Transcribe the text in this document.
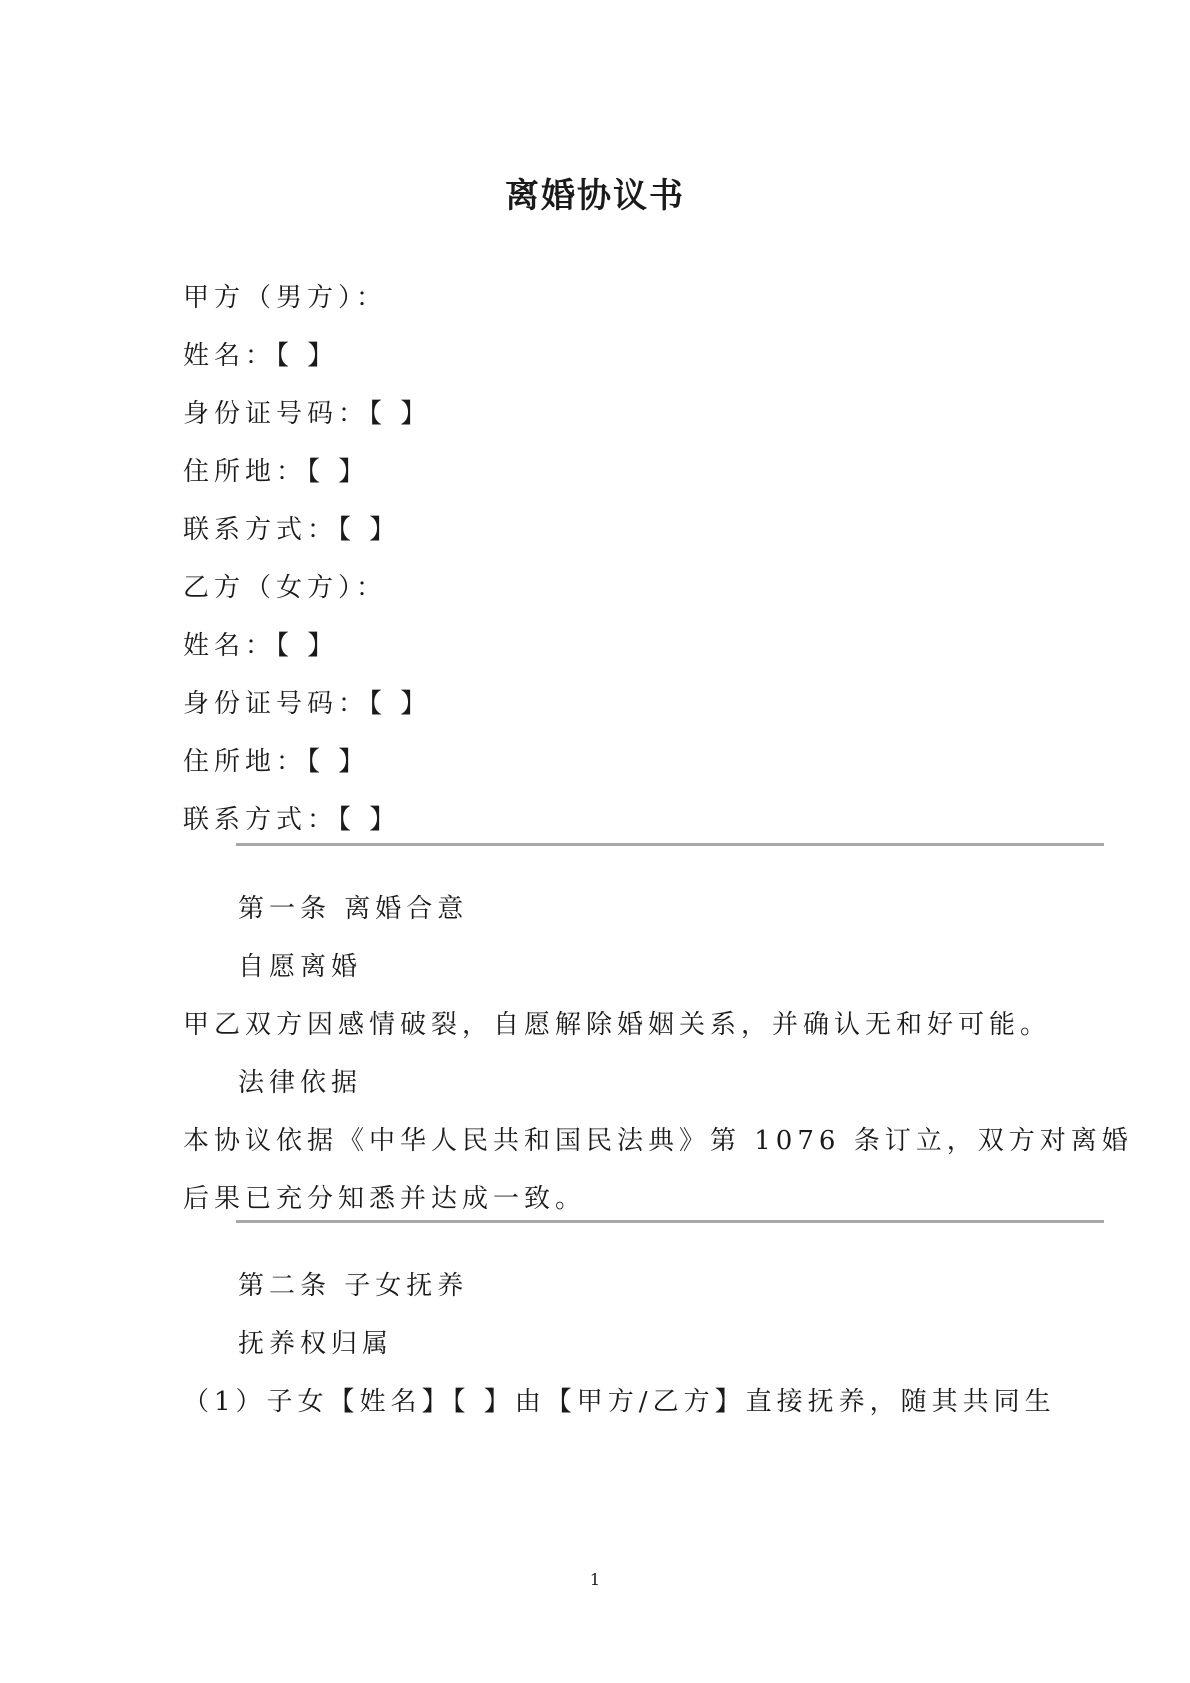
离婚协议书
甲方（男方）：
姓名：【 】
身份证号码：【 】
住所地：【 】
联系方式：【 】
乙方（女方）：
姓名：【 】
身份证号码：【 】
住所地：【 】
联系方式：【 】
第一条 离婚合意
自愿离婚
甲乙双方因感情破裂，自愿解除婚姻关系，并确认无和好可能。
法律依据
本协议依据《中华人民共和国民法典》第 1076 条订立，双方对离婚
后果已充分知悉并达成一致。
第二条 子女抚养
抚养权归属
（1）子女【姓名】【 】由【甲方/乙方】直接抚养，随其共同生
1
